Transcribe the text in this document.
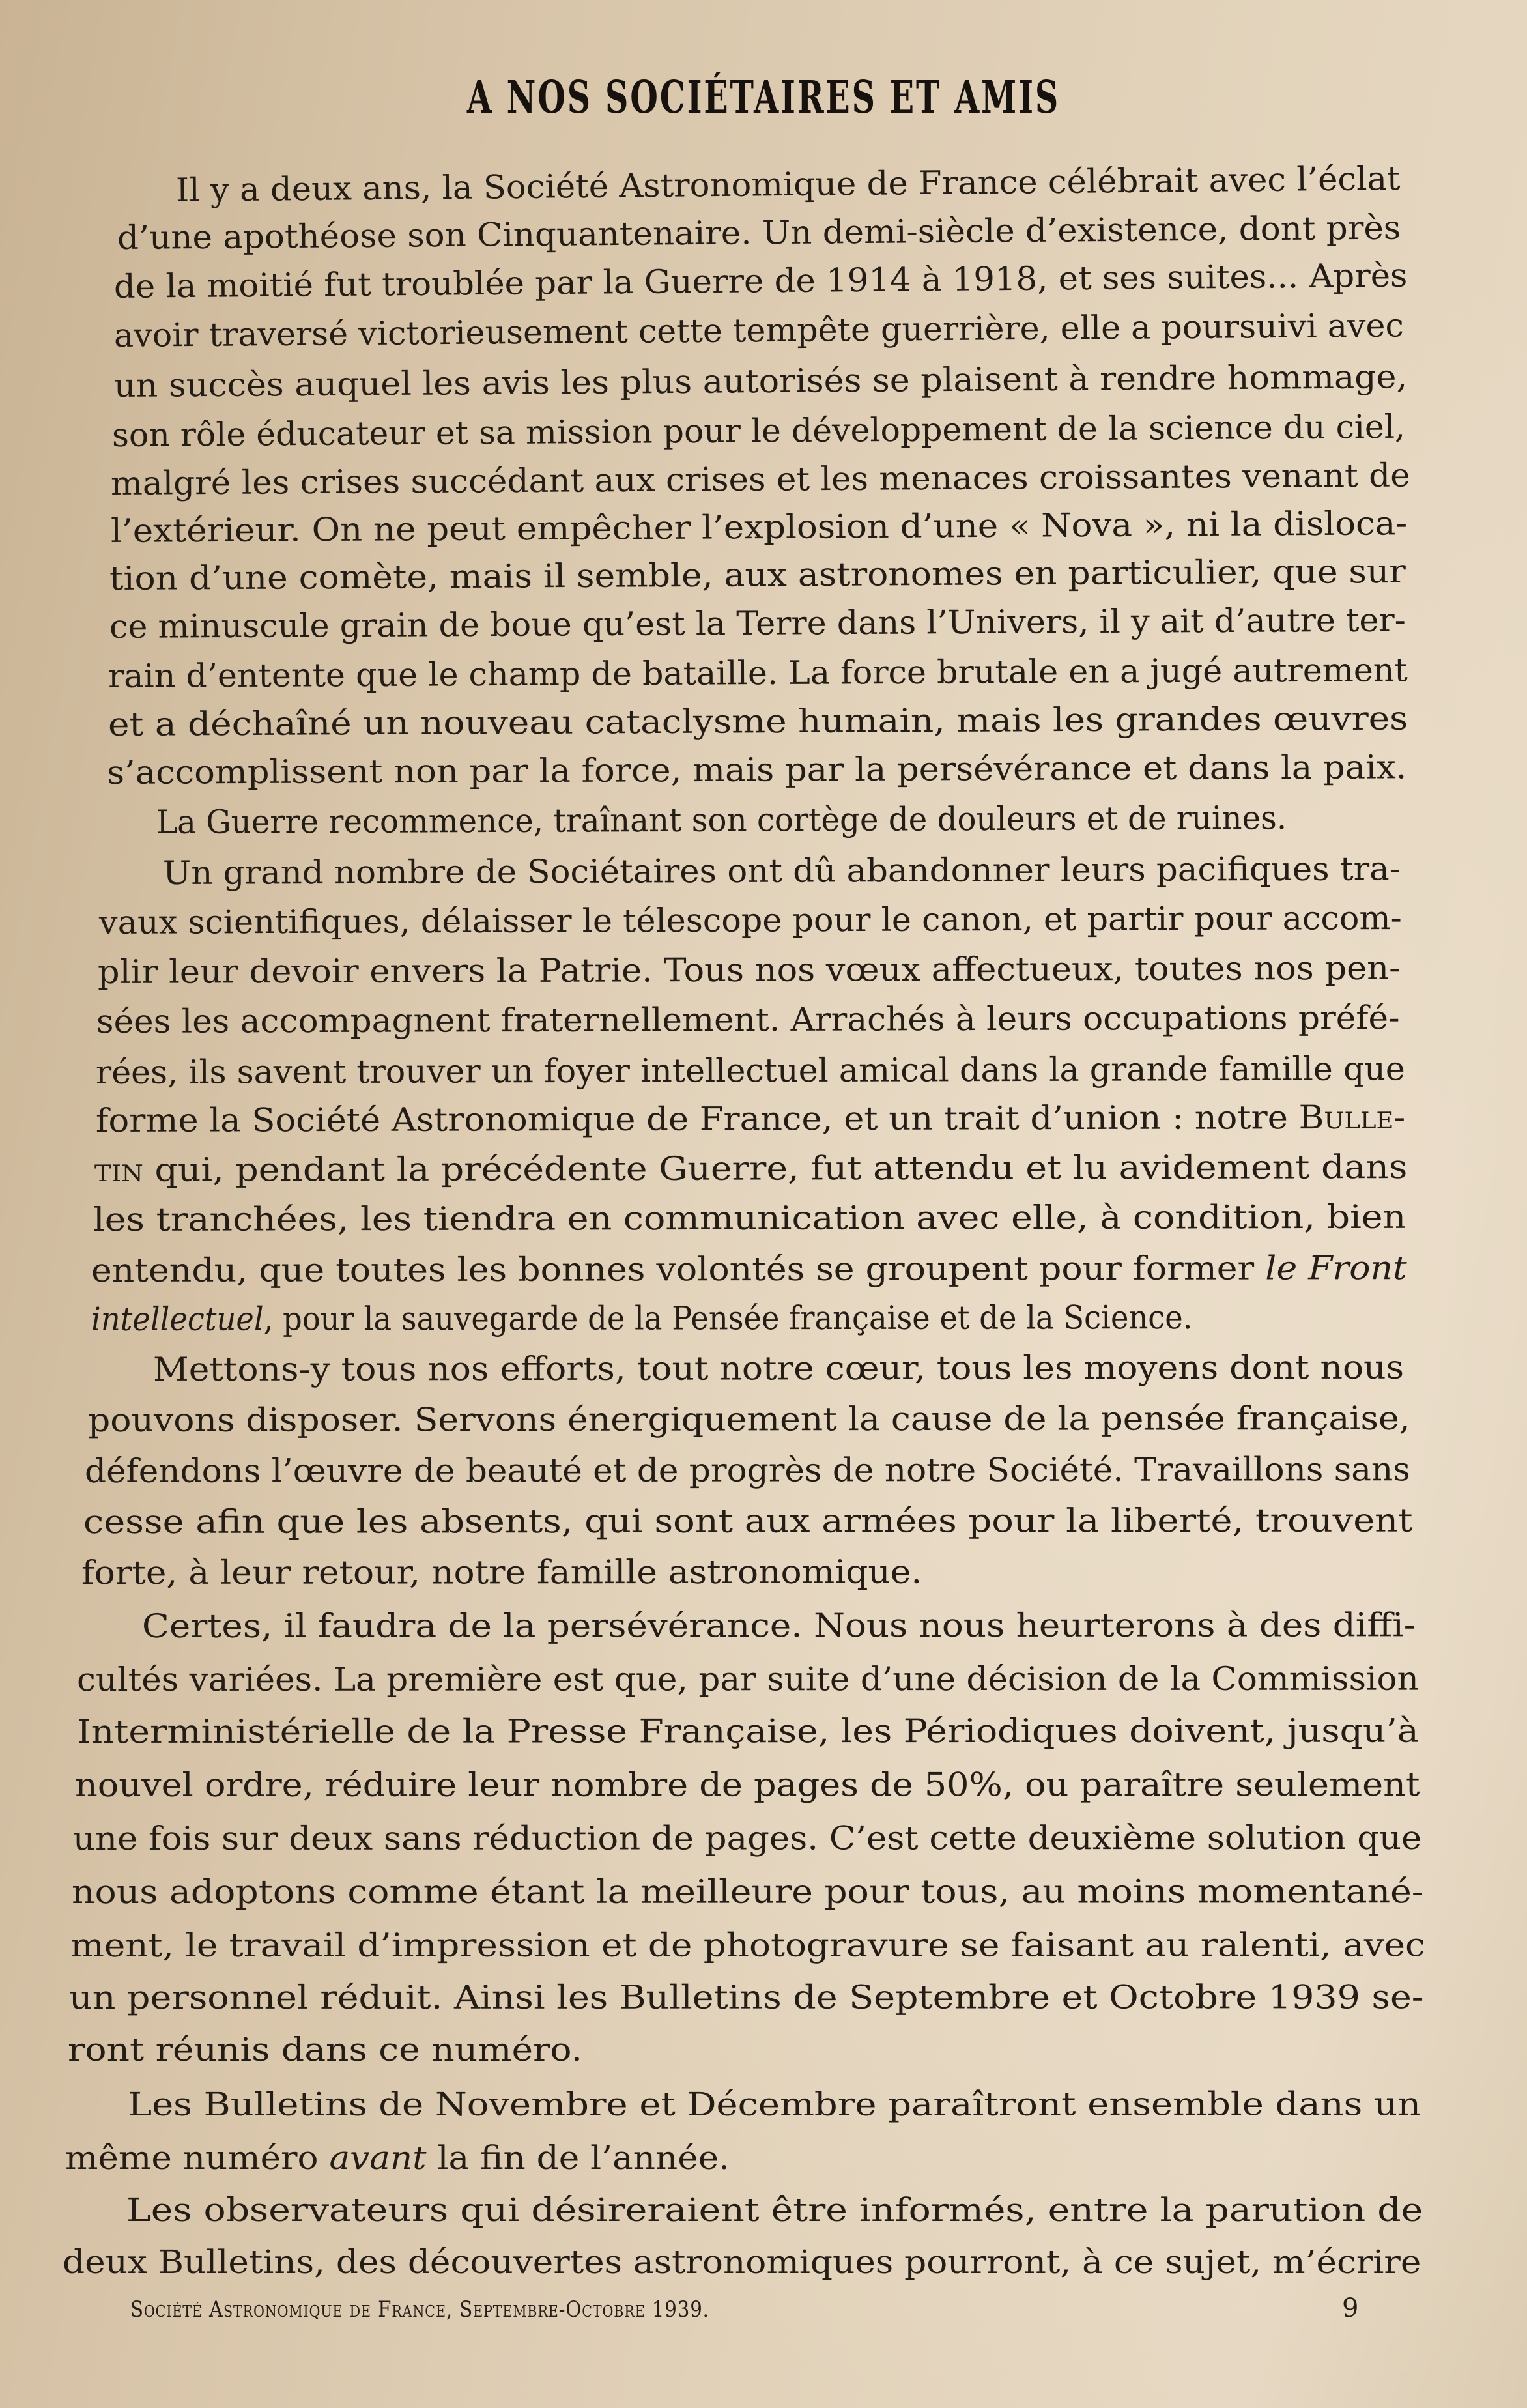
A NOS SOCIÉTAIRES ET AMIS
Il y a deux ans, la Société Astronomique de France célébrait avec l’éclat
d’une apothéose son Cinquantenaire. Un demi-siècle d’existence, dont près
de la moitié fut troublée par la Guerre de 1914 à 1918, et ses suites... Après
avoir traversé victorieusement cette tempête guerrière, elle a poursuivi avec
un succès auquel les avis les plus autorisés se plaisent à rendre hommage,
son rôle éducateur et sa mission pour le développement de la science du ciel,
malgré les crises succédant aux crises et les menaces croissantes venant de
l’extérieur. On ne peut empêcher l’explosion d’une « Nova », ni la disloca-
tion d’une comète, mais il semble, aux astronomes en particulier, que sur
ce minuscule grain de boue qu’est la Terre dans l’Univers, il y ait d’autre ter-
rain d’entente que le champ de bataille. La force brutale en a jugé autrement
et a déchaîné un nouveau cataclysme humain, mais les grandes œuvres
s’accomplissent non par la force, mais par la persévérance et dans la paix.
La Guerre recommence, traînant son cortège de douleurs et de ruines.
Un grand nombre de Sociétaires ont dû abandonner leurs pacifiques tra-
vaux scientifiques, délaisser le télescope pour le canon, et partir pour accom-
plir leur devoir envers la Patrie. Tous nos vœux affectueux, toutes nos pen-
sées les accompagnent fraternellement. Arrachés à leurs occupations préfé-
rées, ils savent trouver un foyer intellectuel amical dans la grande famille que
forme la Société Astronomique de France, et un trait d’union : notre Bulle-
tin qui, pendant la précédente Guerre, fut attendu et lu avidement dans
les tranchées, les tiendra en communication avec elle, à condition, bien
entendu, que toutes les bonnes volontés se groupent pour former le Front
intellectuel, pour la sauvegarde de la Pensée française et de la Science.
Mettons-y tous nos efforts, tout notre cœur, tous les moyens dont nous
pouvons disposer. Servons énergiquement la cause de la pensée française,
défendons l’œuvre de beauté et de progrès de notre Société. Travaillons sans
cesse afin que les absents, qui sont aux armées pour la liberté, trouvent
forte, à leur retour, notre famille astronomique.
Certes, il faudra de la persévérance. Nous nous heurterons à des diffi-
cultés variées. La première est que, par suite d’une décision de la Commission
Interministérielle de la Presse Française, les Périodiques doivent, jusqu’à
nouvel ordre, réduire leur nombre de pages de 50%, ou paraître seulement
une fois sur deux sans réduction de pages. C’est cette deuxième solution que
nous adoptons comme étant la meilleure pour tous, au moins momentané-
ment, le travail d’impression et de photogravure se faisant au ralenti, avec
un personnel réduit. Ainsi les Bulletins de Septembre et Octobre 1939 se-
ront réunis dans ce numéro.
Les Bulletins de Novembre et Décembre paraîtront ensemble dans un
même numéro avant la fin de l’année.
Les observateurs qui désireraient être informés, entre la parution de
deux Bulletins, des découvertes astronomiques pourront, à ce sujet, m’écrire
Société Astronomique de France, Septembre-Octobre 1939.	9
